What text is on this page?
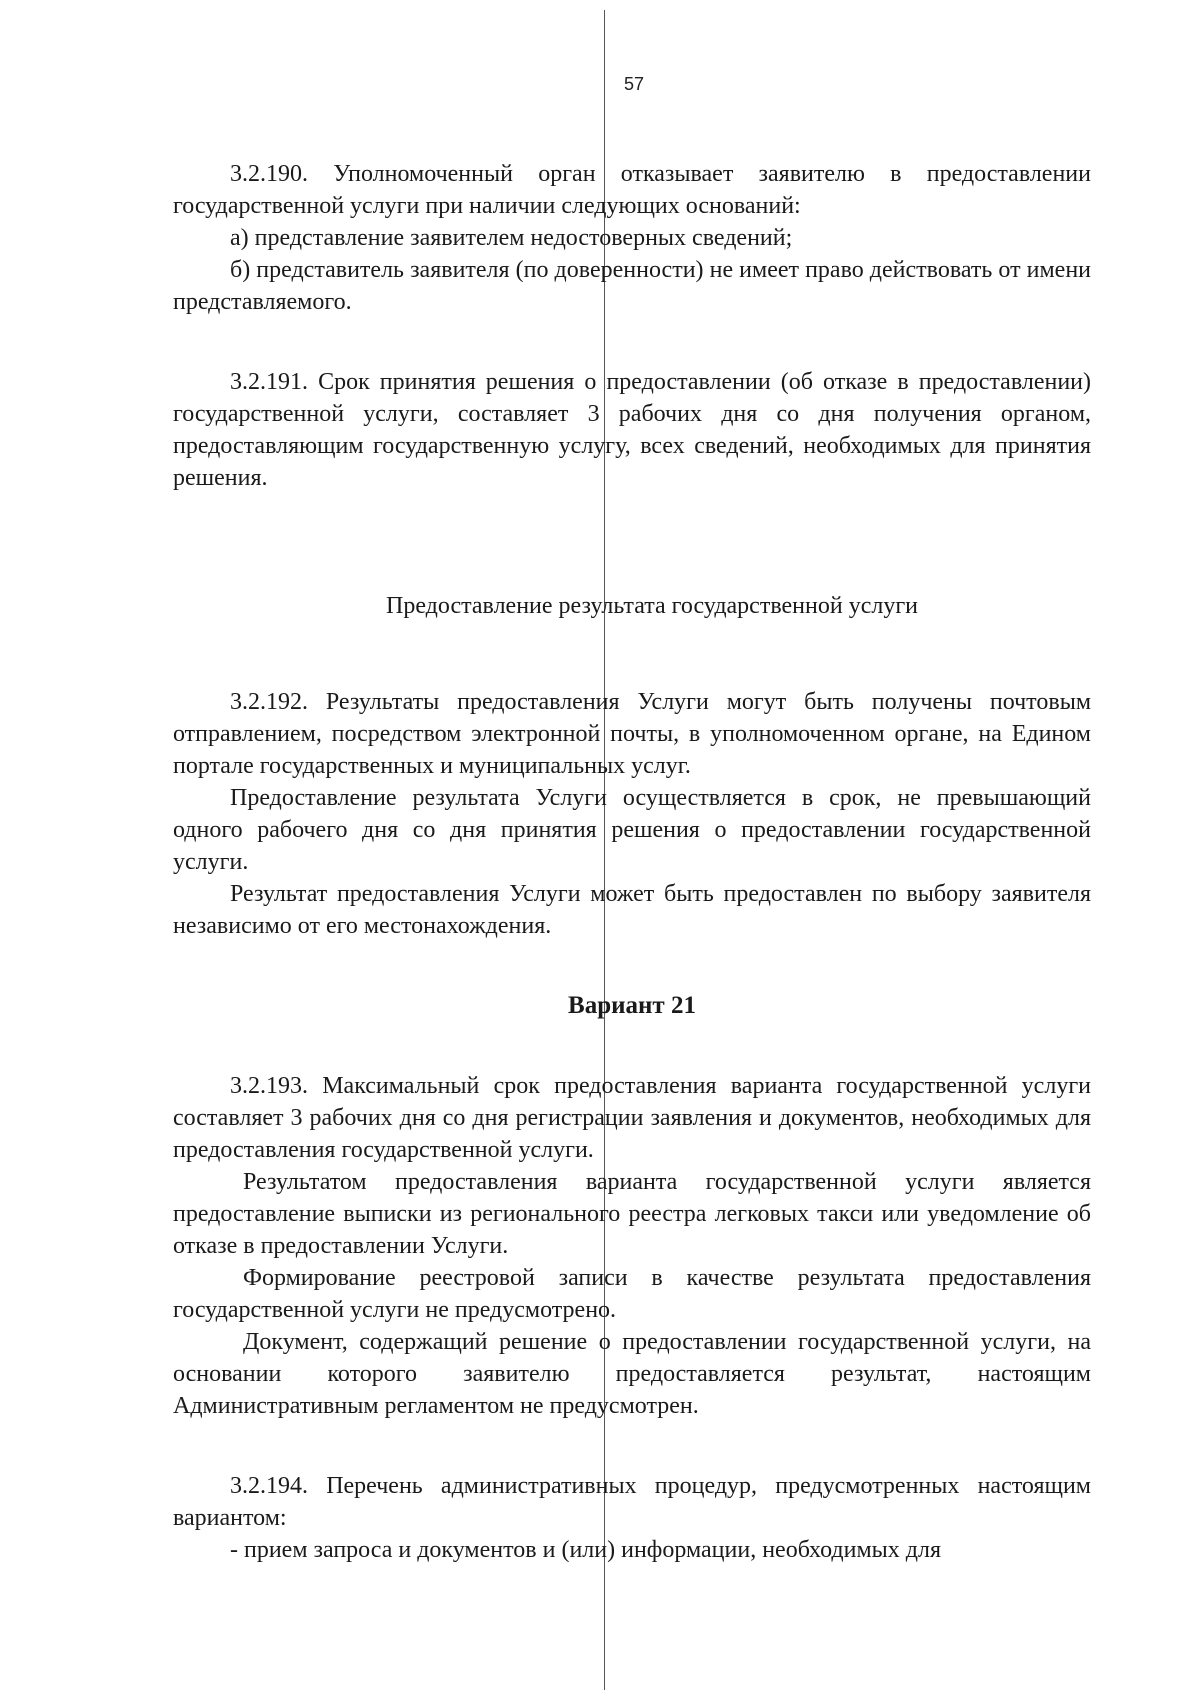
57

3.2.190. Уполномоченный орган отказывает заявителю в предоставлении государственной услуги при наличии следующих оснований:

а) представление заявителем недостоверных сведений;

б) представитель заявителя (по доверенности) не имеет право действовать от имени представляемого.

3.2.191. Срок принятия решения о предоставлении (об отказе в предоставлении) государственной услуги, составляет 3 рабочих дня со дня получения органом, предоставляющим государственную услугу, всех сведений, необходимых для принятия решения.

Предоставление результата государственной услуги

3.2.192. Результаты предоставления Услуги могут быть получены почтовым отправлением, посредством электронной почты, в уполномоченном органе, на Едином портале государственных и муниципальных услуг.

Предоставление результата Услуги осуществляется в срок, не превышающий одного рабочего дня со дня принятия решения о предоставлении государственной услуги.

Результат предоставления Услуги может быть предоставлен по выбору заявителя независимо от его местонахождения.

Вариант 21

3.2.193. Максимальный срок предоставления варианта государственной услуги составляет 3 рабочих дня со дня регистрации заявления и документов, необходимых для предоставления государственной услуги.

Результатом предоставления варианта государственной услуги является предоставление выписки из регионального реестра легковых такси или уведомление об отказе в предоставлении Услуги.

Формирование реестровой записи в качестве результата предоставления государственной услуги не предусмотрено.

Документ, содержащий решение о предоставлении государственной услуги, на основании которого заявителю предоставляется результат, настоящим Административным регламентом не предусмотрен.

3.2.194. Перечень административных процедур, предусмотренных настоящим вариантом:

- прием запроса и документов и (или) информации, необходимых для
